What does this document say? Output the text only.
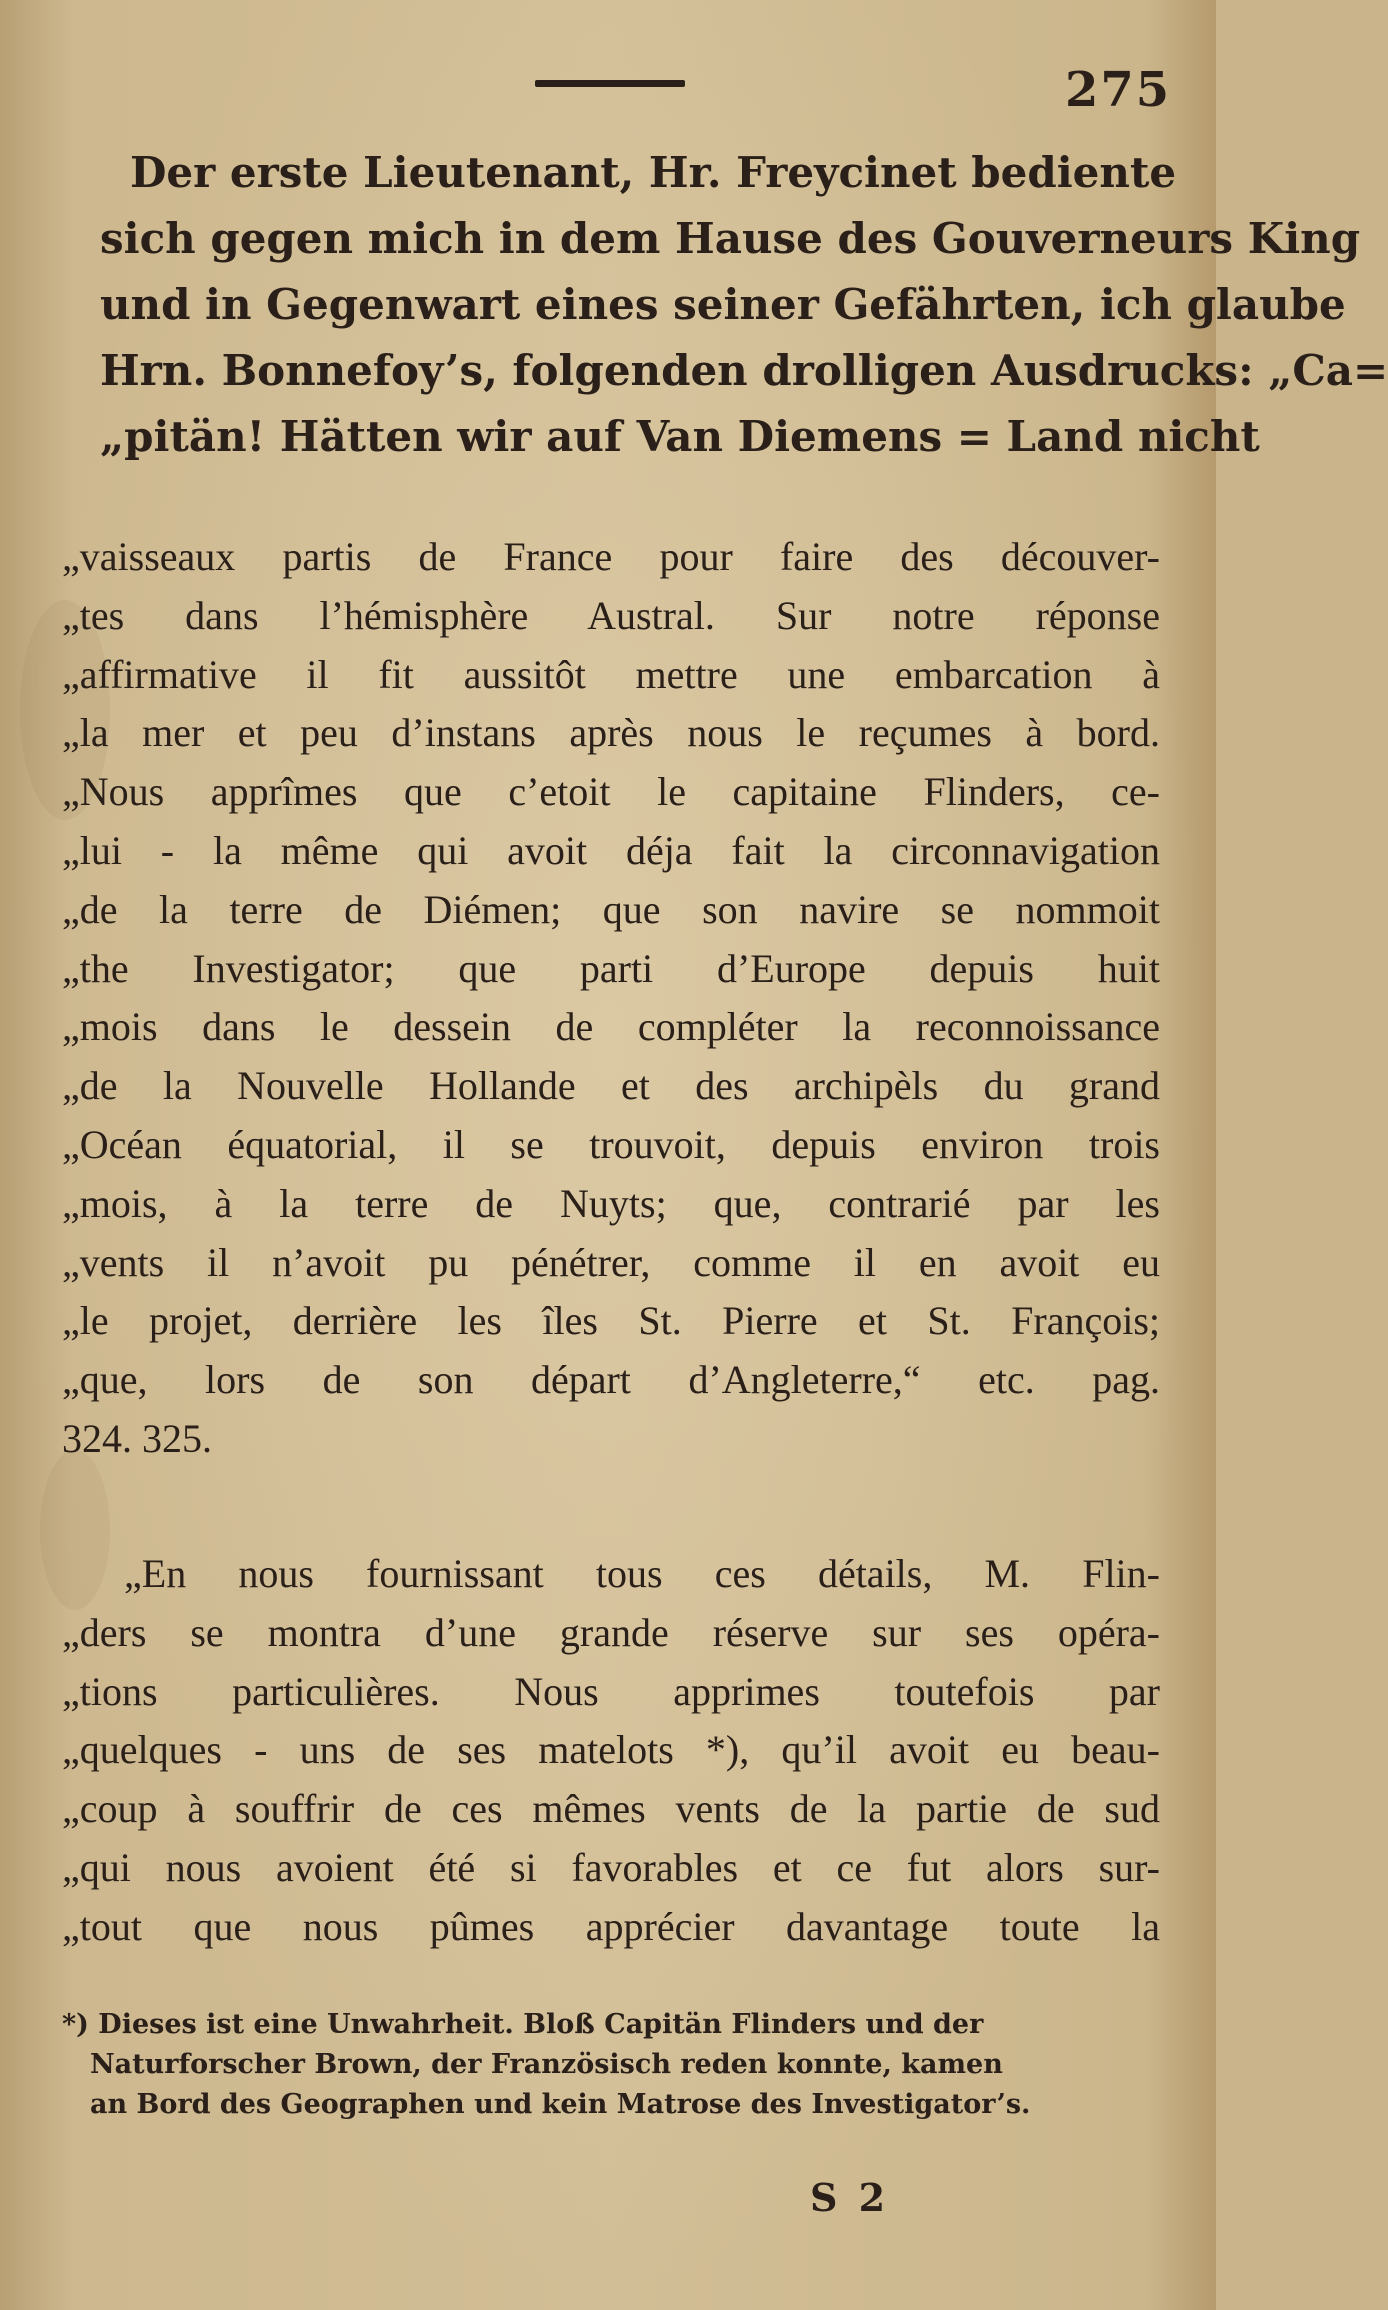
275
Der erste Lieutenant, Hr. Freycinet bediente
sich gegen mich in dem Hause des Gouverneurs King
und in Gegenwart eines seiner Gefährten, ich glaube
Hrn. Bonnefoy’s, folgenden drolligen Ausdrucks: „Ca=
„pitän! Hätten wir auf Van Diemens = Land nicht
„vaisseaux partis de France pour faire des découver-
„tes dans l’hémisphère Austral. Sur notre réponse
„affirmative il fit aussitôt mettre une embarcation à
„la mer et peu d’instans après nous le reçumes à bord.
„Nous apprîmes que c’etoit le capitaine Flinders, ce-
„lui - la même qui avoit déja fait la circonnavigation
„de la terre de Diémen; que son navire se nommoit
„the Investigator; que parti d’Europe depuis huit
„mois dans le dessein de compléter la reconnoissance
„de la Nouvelle Hollande et des archipèls du grand
„Océan équatorial, il se trouvoit, depuis environ trois
„mois, à la terre de Nuyts; que, contrarié par les
„vents il n’avoit pu pénétrer, comme il en avoit eu
„le projet, derrière les îles St. Pierre et St. François;
„que, lors de son départ d’Angleterre,“ etc. pag.
324. 325.
„En nous fournissant tous ces détails, M. Flin-
„ders se montra d’une grande réserve sur ses opéra-
„tions particulières. Nous apprimes toutefois par
„quelques - uns de ses matelots *), qu’il avoit eu beau-
„coup à souffrir de ces mêmes vents de la partie de sud
„qui nous avoient été si favorables et ce fut alors sur-
„tout que nous pûmes apprécier davantage toute la
*) Dieses ist eine Unwahrheit. Bloß Capitän Flinders und der
Naturforscher Brown, der Französisch reden konnte, kamen
an Bord des Geographen und kein Matrose des Investigator’s.
S 2
